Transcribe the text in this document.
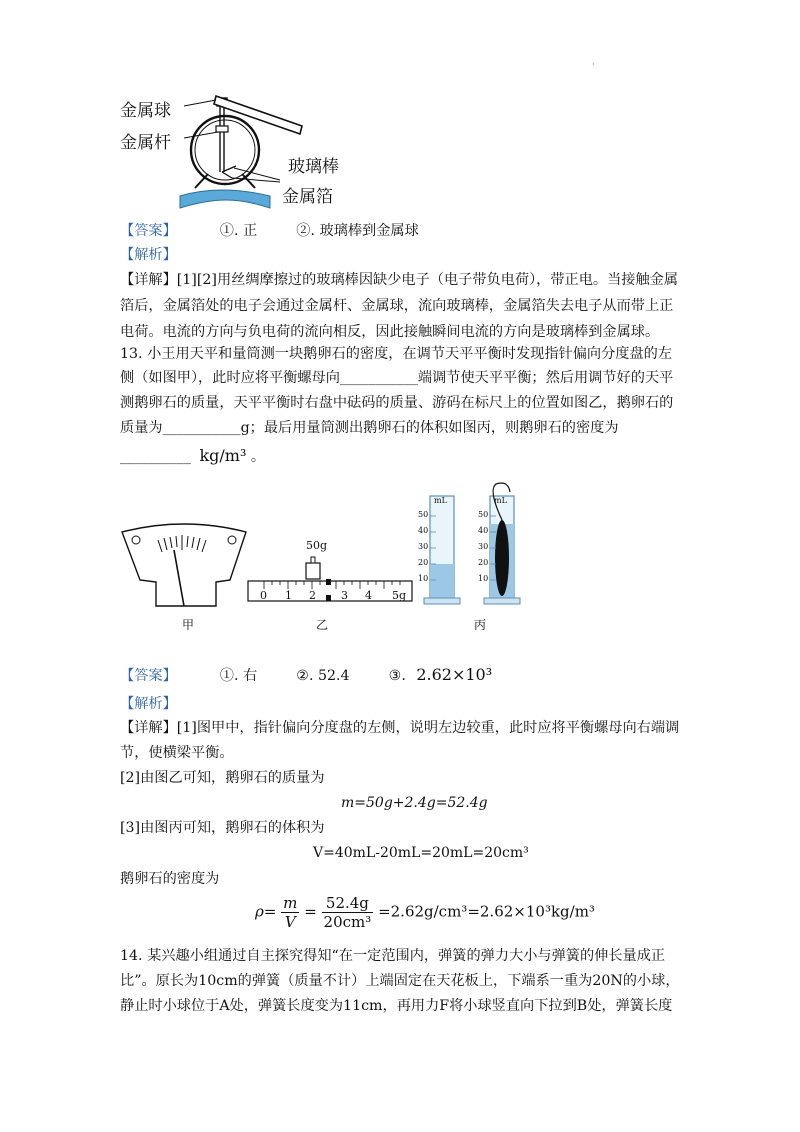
·
金属球
金属杆
玻璃棒
金属箔
【答案】	①. 正	②. 玻璃棒到金属球
【解析】
【详解】[1][2]用丝绸摩擦过的玻璃棒因缺少电子（电子带负电荷），带正电。当接触金属
箔后，金属箔处的电子会通过金属杆、金属球，流向玻璃棒，金属箔失去电子从而带上正
电荷。电流的方向与负电荷的流向相反，因此接触瞬间电流的方向是玻璃棒到金属球。
13. 小王用天平和量筒测一块鹅卵石的密度，在调节天平平衡时发现指针偏向分度盘的左
侧（如图甲），此时应将平衡螺母向___________端调节使天平平衡；然后用调节好的天平
测鹅卵石的质量，天平平衡时右盘中砝码的质量、游码在标尺上的位置如图乙，鹅卵石的
质量为___________g；最后用量筒测出鹅卵石的体积如图丙，则鹅卵石的密度为
__________ kg/m³ 。
50g
0 1 2 3 4 5g
mL	mL
50
40
30
20
10
50
40
30
20
10
甲	乙	丙
【答案】	①. 右	②. 52.4	③. 2.62×10³
【解析】
【详解】[1]图甲中，指针偏向分度盘的左侧，说明左边较重，此时应将平衡螺母向右端调
节，使横梁平衡。
[2]由图乙可知，鹅卵石的质量为
m=50g+2.4g=52.4g
[3]由图丙可知，鹅卵石的体积为
V=40mL-20mL=20mL=20cm³
鹅卵石的密度为
$\rho= \frac{m}{V} = \frac{52.4g}{\text{20cm³}} =2.62g/cm^3=2.62\times 10^3kg/m^3$
14. 某兴趣小组通过自主探究得知“在一定范围内，弹簧的弹力大小与弹簧的伸长量成正
比”。原长为10cm的弹簧（质量不计）上端固定在天花板上，下端系一重为20N的小球，
静止时小球位于A处，弹簧长度变为11cm，再用力F将小球竖直向下拉到B处，弹簧长度
